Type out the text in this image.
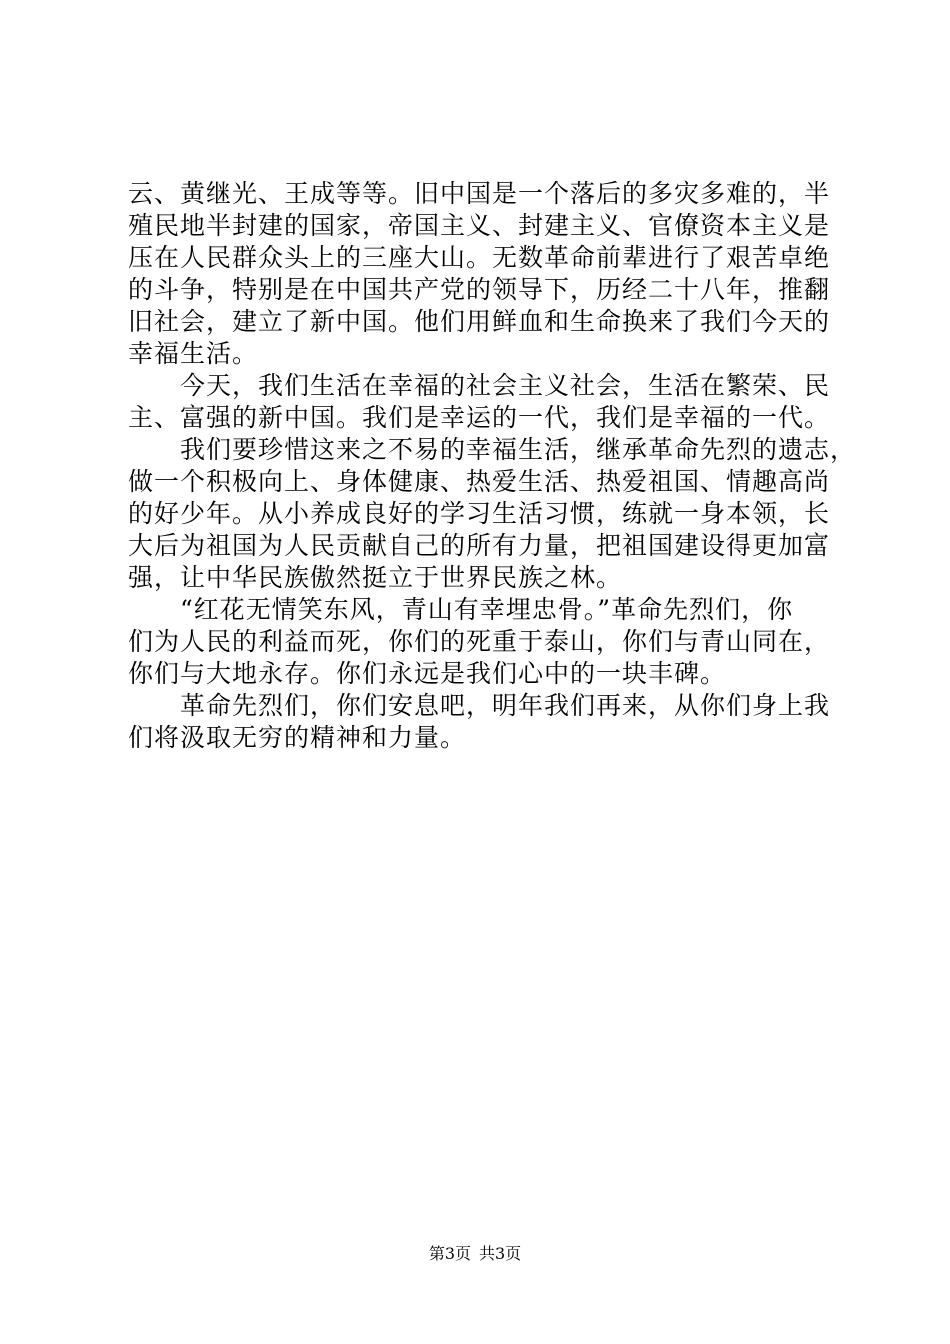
云、黄继光、王成等等。旧中国是一个落后的多灾多难的，半
殖民地半封建的国家，帝国主义、封建主义、官僚资本主义是
压在人民群众头上的三座大山。无数革命前辈进行了艰苦卓绝
的斗争，特别是在中国共产党的领导下，历经二十八年，推翻
旧社会，建立了新中国。他们用鲜血和生命换来了我们今天的
幸福生活。
今天，我们生活在幸福的社会主义社会，生活在繁荣、民
主、富强的新中国。我们是幸运的一代，我们是幸福的一代。
我们要珍惜这来之不易的幸福生活，继承革命先烈的遗志，
做一个积极向上、身体健康、热爱生活、热爱祖国、情趣高尚
的好少年。从小养成良好的学习生活习惯，练就一身本领，长
大后为祖国为人民贡献自己的所有力量，把祖国建设得更加富
强，让中华民族傲然挺立于世界民族之林。
“红花无情笑东风，青山有幸埋忠骨。”革命先烈们，你
们为人民的利益而死，你们的死重于泰山，你们与青山同在，
你们与大地永存。你们永远是我们心中的一块丰碑。
革命先烈们，你们安息吧，明年我们再来，从你们身上我
们将汲取无穷的精神和力量。
第3页 共3页
